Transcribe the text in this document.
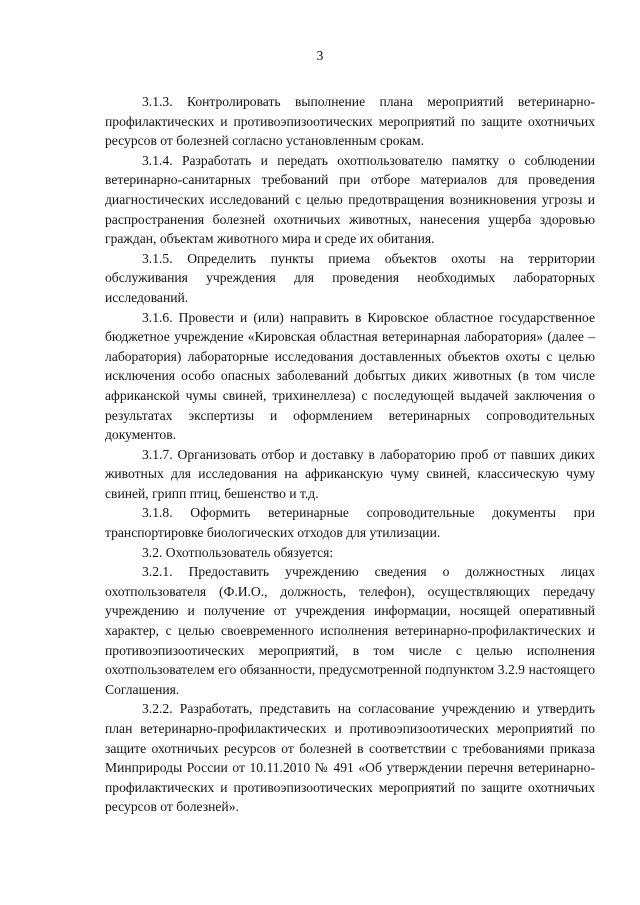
3

3.1.3. Контролировать выполнение плана мероприятий ветеринарно-профилактических и противоэпизоотических мероприятий по защите охотничьих ресурсов от болезней согласно установленным срокам.

3.1.4. Разработать и передать охотпользователю памятку о соблюдении ветеринарно-санитарных требований при отборе материалов для проведения диагностических исследований с целью предотвращения возникновения угрозы и распространения болезней охотничьих животных, нанесения ущерба здоровью граждан, объектам животного мира и среде их обитания.

3.1.5. Определить пункты приема объектов охоты на территории обслуживания учреждения для проведения необходимых лабораторных исследований.

3.1.6. Провести и (или) направить в Кировское областное государственное бюджетное учреждение «Кировская областная ветеринарная лаборатория» (далее – лаборатория) лабораторные исследования доставленных объектов охоты с целью исключения особо опасных заболеваний добытых диких животных (в том числе африканской чумы свиней, трихинеллеза) с последующей выдачей заключения о результатах экспертизы и оформлением ветеринарных сопроводительных документов.

3.1.7. Организовать отбор и доставку в лабораторию проб от павших диких животных для исследования на африканскую чуму свиней, классическую чуму свиней, грипп птиц, бешенство и т.д.

3.1.8. Оформить ветеринарные сопроводительные документы при транспортировке биологических отходов для утилизации.

3.2. Охотпользователь обязуется:

3.2.1. Предоставить учреждению сведения о должностных лицах охотпользователя (Ф.И.О., должность, телефон), осуществляющих передачу учреждению и получение от учреждения информации, носящей оперативный характер, с целью своевременного исполнения ветеринарно-профилактических и противоэпизоотических мероприятий, в том числе с целью исполнения охотпользователем его обязанности, предусмотренной подпунктом 3.2.9 настоящего Соглашения.

3.2.2. Разработать, представить на согласование учреждению и утвердить план ветеринарно-профилактических и противоэпизоотических мероприятий по защите охотничьих ресурсов от болезней в соответствии с требованиями приказа Минприроды России от 10.11.2010 № 491 «Об утверждении перечня ветеринарно-профилактических и противоэпизоотических мероприятий по защите охотничьих ресурсов от болезней».
